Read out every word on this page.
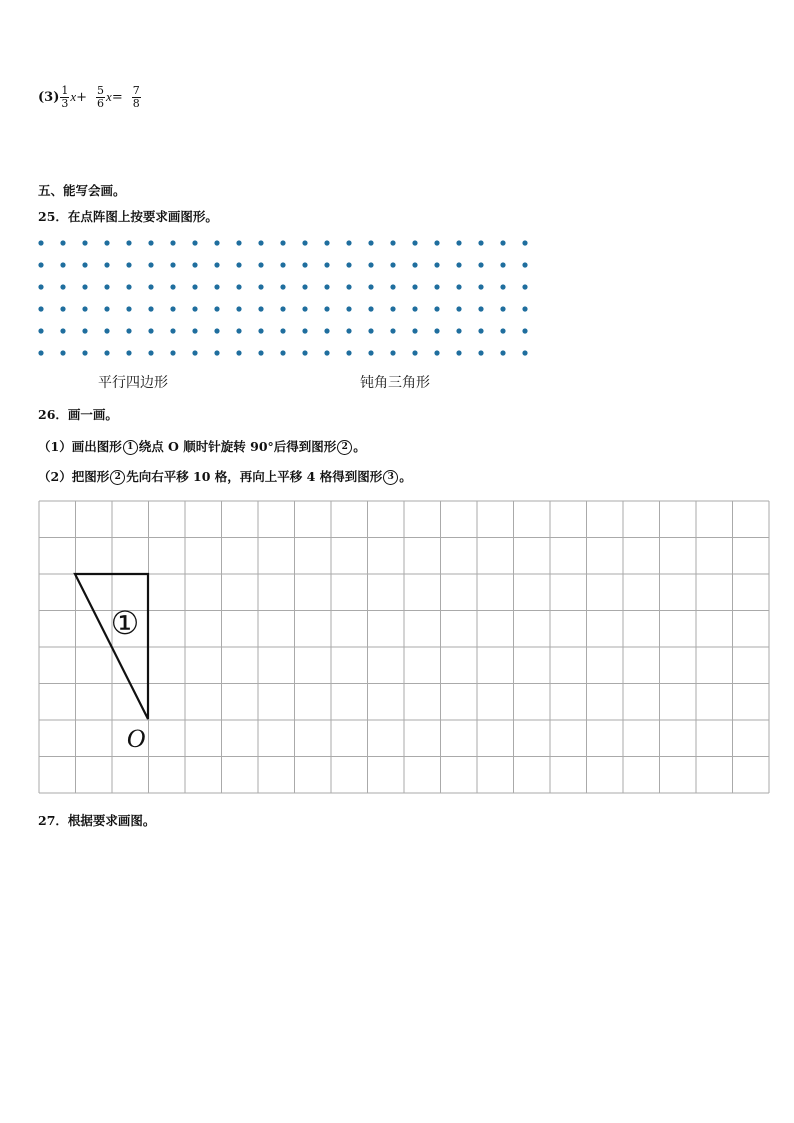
$(3) \frac{1}{3}$ $x + \frac{5}{6}$ $x = \frac{7}{8}$
五、能写会画。
25．在点阵图上按要求画图形。
平行四边形	钝角三角形
26．画一画。
（1）画出图形 1 绕点 O 顺时针旋转 90°后得到图形 2 。
（2）把图形 2 先向右平移 10 格，再向上平移 4 格得到图形 3 。
①
O
27．根据要求画图。
